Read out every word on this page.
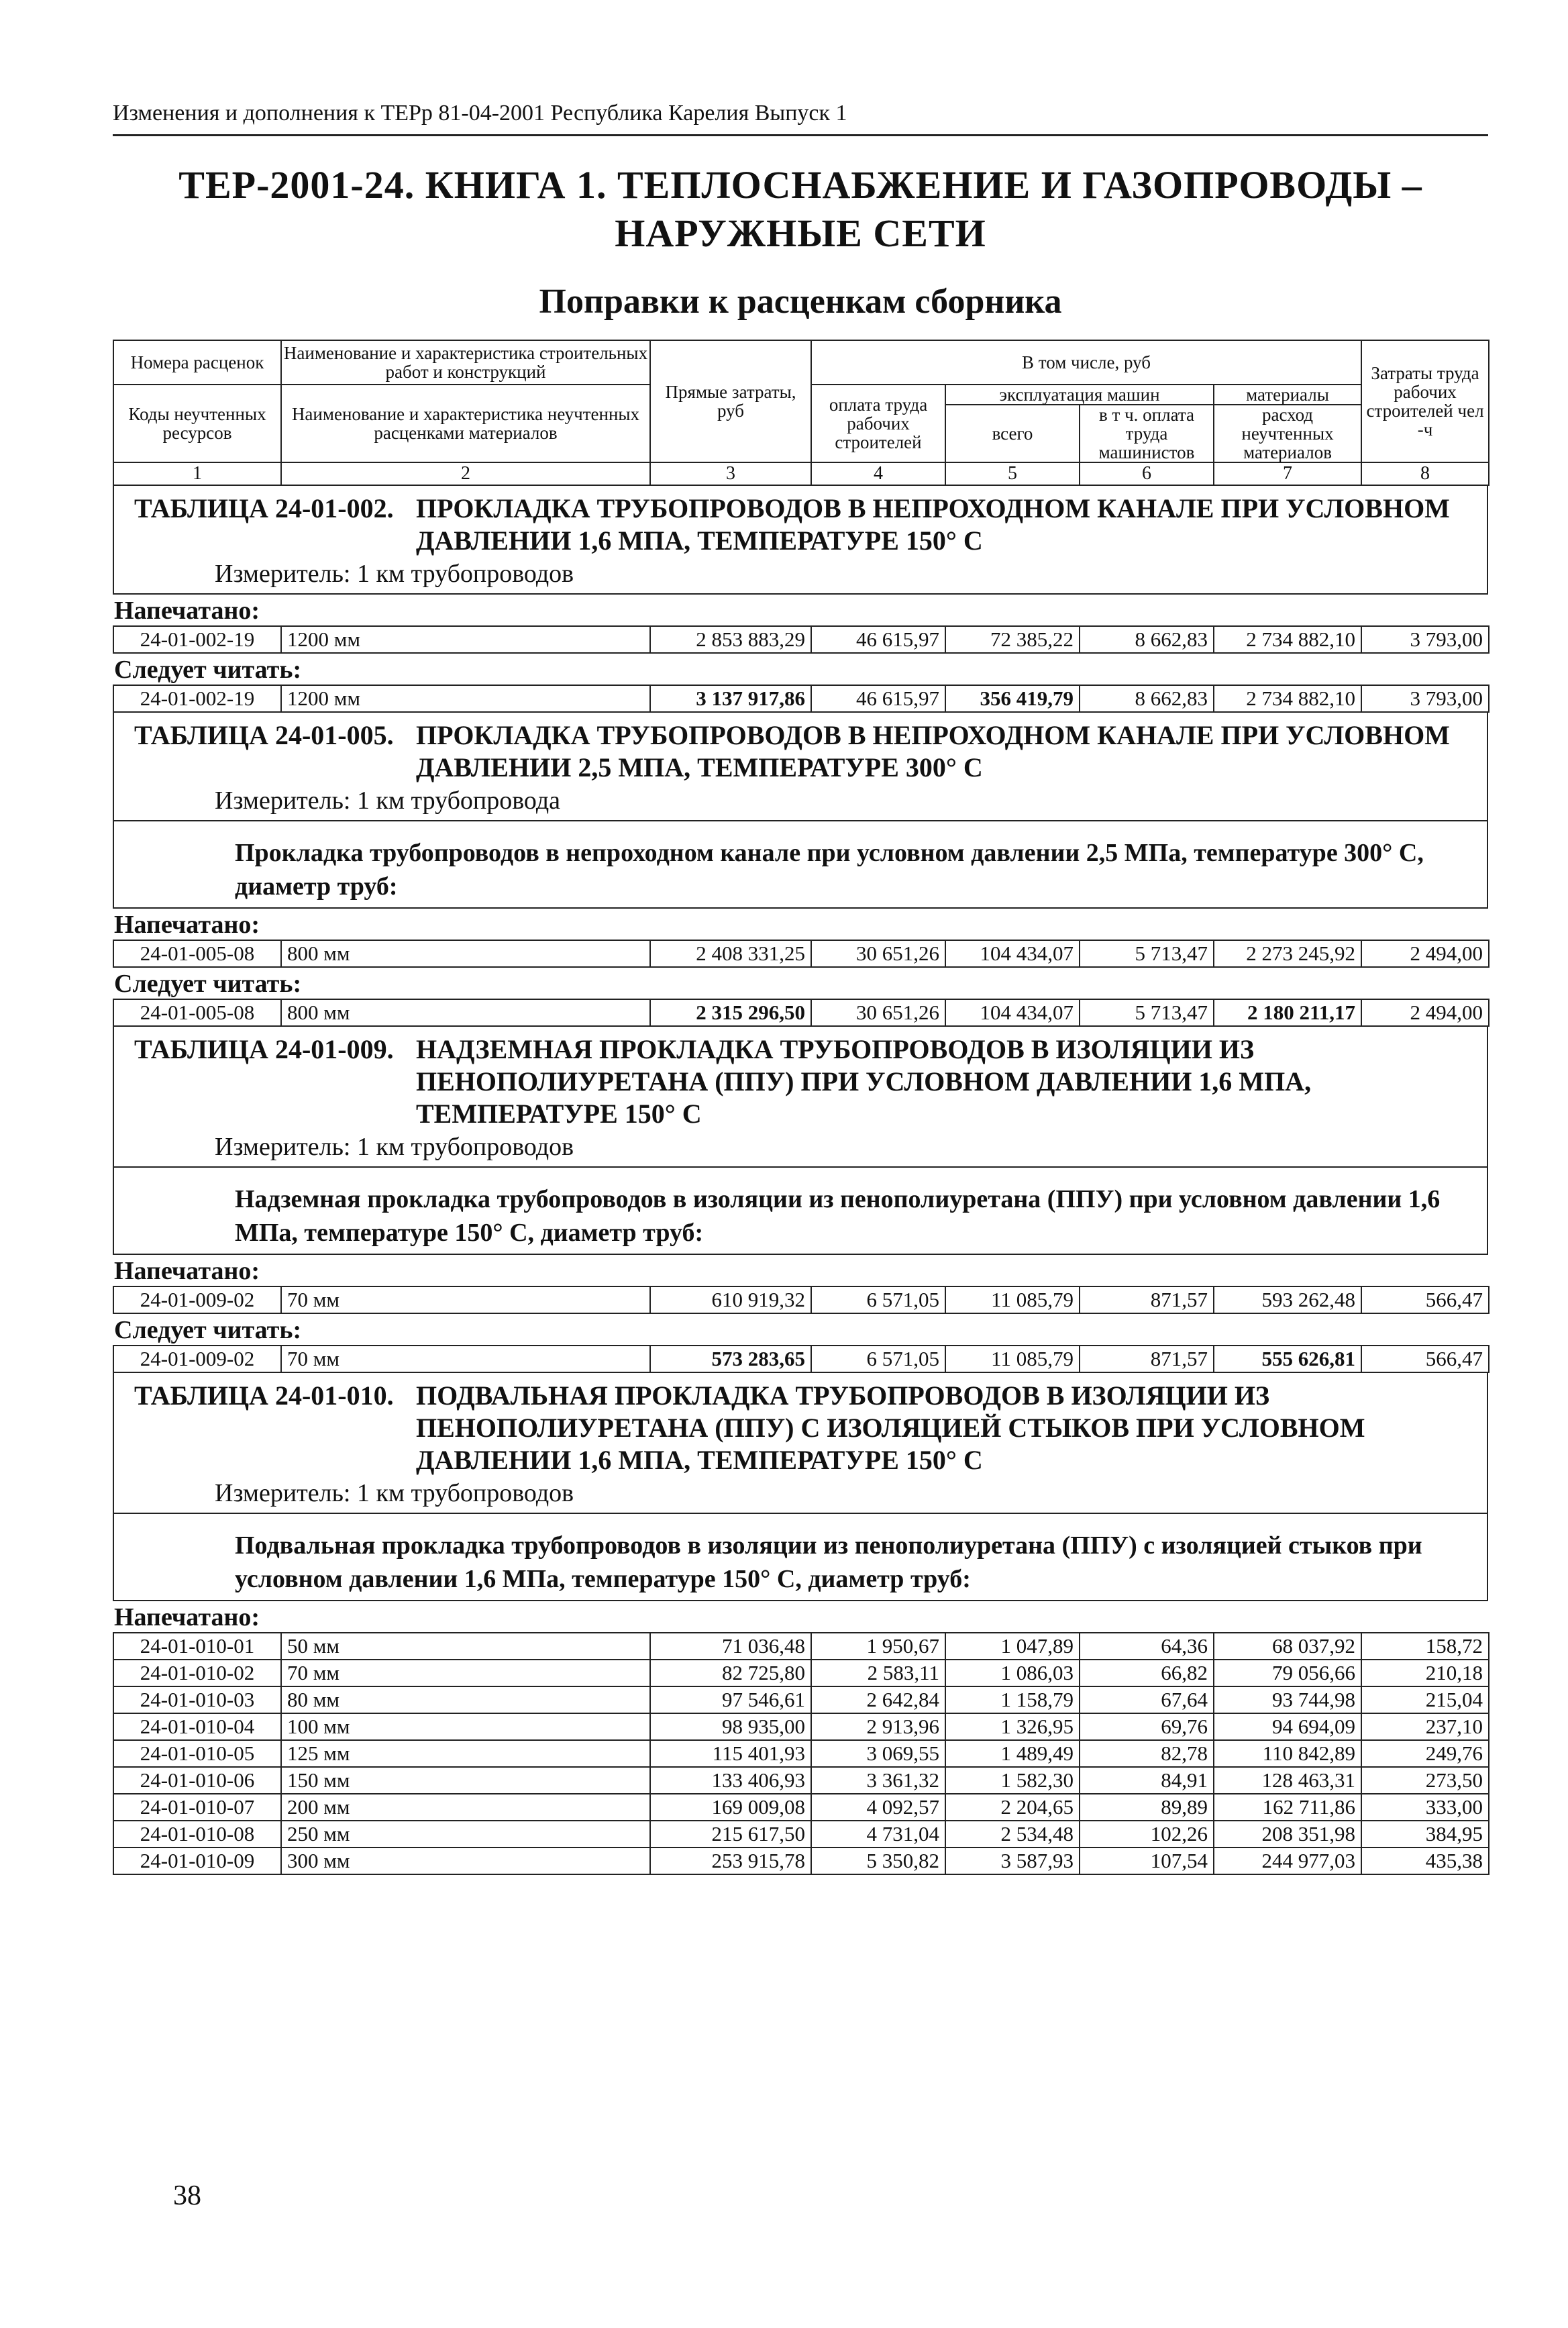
Изменения и дополнения к ТЕРр 81-04-2001 Республика Карелия Выпуск 1
ТЕР-2001-24. КНИГА 1. ТЕПЛОСНАБЖЕНИЕ И ГАЗОПРОВОДЫ –
НАРУЖНЫЕ СЕТИ
Поправки к расценкам сборника
Номера расценок	Наименование и характеристика строительных работ и конструкций	Прямые затраты, руб	В том числе, руб				Затраты труда рабочих строителей чел -ч
Коды неучтенных ресурсов	Наименование и характеристика неучтенных расценками материалов		оплата труда рабочих строителей	эксплуатация машин		материалы	
				всего	в т ч. оплата труда машинистов	расход неучтенных материалов	
1	2	3	4	5	6	7	8
ТАБЛИЦА 24-01-002. ПРОКЛАДКА ТРУБОПРОВОДОВ В НЕПРОХОДНОМ КАНАЛЕ ПРИ УСЛОВНОМ ДАВЛЕНИИ 1,6 МПА, ТЕМПЕРАТУРЕ 150° С
Измеритель: 1 км трубопроводов
Напечатано:
24-01-002-19	1200 мм	2 853 883,29	46 615,97	72 385,22	8 662,83	2 734 882,10	3 793,00
Следует читать:
24-01-002-19	1200 мм	3 137 917,86	46 615,97	356 419,79	8 662,83	2 734 882,10	3 793,00
ТАБЛИЦА 24-01-005. ПРОКЛАДКА ТРУБОПРОВОДОВ В НЕПРОХОДНОМ КАНАЛЕ ПРИ УСЛОВНОМ ДАВЛЕНИИ 2,5 МПА, ТЕМПЕРАТУРЕ 300° С
Измеритель: 1 км трубопровода
Прокладка трубопроводов в непроходном канале при условном давлении 2,5 МПа, температуре 300° С, диаметр труб:
Напечатано:
24-01-005-08	800 мм	2 408 331,25	30 651,26	104 434,07	5 713,47	2 273 245,92	2 494,00
Следует читать:
24-01-005-08	800 мм	2 315 296,50	30 651,26	104 434,07	5 713,47	2 180 211,17	2 494,00
ТАБЛИЦА 24-01-009. НАДЗЕМНАЯ ПРОКЛАДКА ТРУБОПРОВОДОВ В ИЗОЛЯЦИИ ИЗ ПЕНОПОЛИУРЕТАНА (ППУ) ПРИ УСЛОВНОМ ДАВЛЕНИИ 1,6 МПА, ТЕМПЕРАТУРЕ 150° С
Измеритель: 1 км трубопроводов
Надземная прокладка трубопроводов в изоляции из пенополиуретана (ППУ) при условном давлении 1,6 МПа, температуре 150° С, диаметр труб:
Напечатано:
24-01-009-02	70 мм	610 919,32	6 571,05	11 085,79	871,57	593 262,48	566,47
Следует читать:
24-01-009-02	70 мм	573 283,65	6 571,05	11 085,79	871,57	555 626,81	566,47
ТАБЛИЦА 24-01-010. ПОДВАЛЬНАЯ ПРОКЛАДКА ТРУБОПРОВОДОВ В ИЗОЛЯЦИИ ИЗ ПЕНОПОЛИУРЕТАНА (ППУ) С ИЗОЛЯЦИЕЙ СТЫКОВ ПРИ УСЛОВНОМ ДАВЛЕНИИ 1,6 МПА, ТЕМПЕРАТУРЕ 150° С
Измеритель: 1 км трубопроводов
Подвальная прокладка трубопроводов в изоляции из пенополиуретана (ППУ) с изоляцией стыков при условном давлении 1,6 МПа, температуре 150° С, диаметр труб:
Напечатано:
24-01-010-01	50 мм	71 036,48	1 950,67	1 047,89	64,36	68 037,92	158,72
24-01-010-02	70 мм	82 725,80	2 583,11	1 086,03	66,82	79 056,66	210,18
24-01-010-03	80 мм	97 546,61	2 642,84	1 158,79	67,64	93 744,98	215,04
24-01-010-04	100 мм	98 935,00	2 913,96	1 326,95	69,76	94 694,09	237,10
24-01-010-05	125 мм	115 401,93	3 069,55	1 489,49	82,78	110 842,89	249,76
24-01-010-06	150 мм	133 406,93	3 361,32	1 582,30	84,91	128 463,31	273,50
24-01-010-07	200 мм	169 009,08	4 092,57	2 204,65	89,89	162 711,86	333,00
24-01-010-08	250 мм	215 617,50	4 731,04	2 534,48	102,26	208 351,98	384,95
24-01-010-09	300 мм	253 915,78	5 350,82	3 587,93	107,54	244 977,03	435,38
38
